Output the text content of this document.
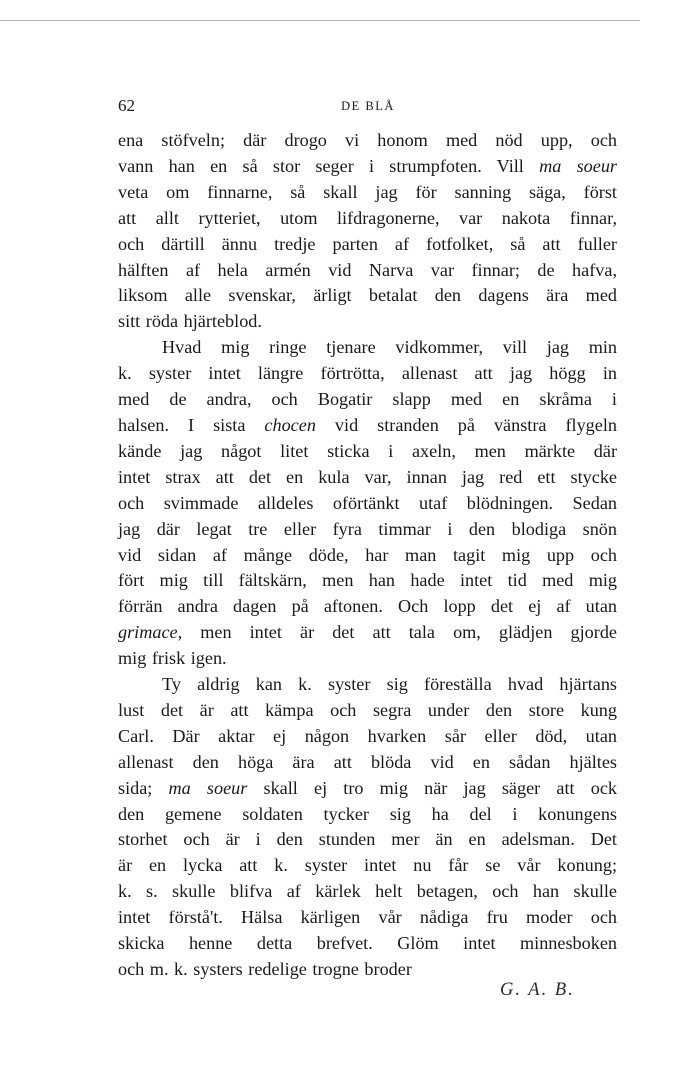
62	DE BLÅ
ena stöfveln; där drogo vi honom med nöd upp, och
vann han en så stor seger i strumpfoten. Vill ma soeur
veta om finnarne, så skall jag för sanning säga, först
att allt rytteriet, utom lifdragonerne, var nakota finnar,
och därtill ännu tredje parten af fotfolket, så att fuller
hälften af hela armén vid Narva var finnar; de hafva,
liksom alle svenskar, ärligt betalat den dagens ära med
sitt röda hjärteblod.
Hvad mig ringe tjenare vidkommer, vill jag min
k. syster intet längre förtrötta, allenast att jag högg in
med de andra, och Bogatir slapp med en skråma i
halsen. I sista chocen vid stranden på vänstra flygeln
kände jag något litet sticka i axeln, men märkte där
intet strax att det en kula var, innan jag red ett stycke
och svimmade alldeles oförtänkt utaf blödningen. Sedan
jag där legat tre eller fyra timmar i den blodiga snön
vid sidan af månge döde, har man tagit mig upp och
fört mig till fältskärn, men han hade intet tid med mig
förrän andra dagen på aftonen. Och lopp det ej af utan
grimace, men intet är det att tala om, glädjen gjorde
mig frisk igen.
Ty aldrig kan k. syster sig föreställa hvad hjärtans
lust det är att kämpa och segra under den store kung
Carl. Där aktar ej någon hvarken sår eller död, utan
allenast den höga ära att blöda vid en sådan hjältes
sida; ma soeur skall ej tro mig när jag säger att ock
den gemene soldaten tycker sig ha del i konungens
storhet och är i den stunden mer än en adelsman. Det
är en lycka att k. syster intet nu får se vår konung;
k. s. skulle blifva af kärlek helt betagen, och han skulle
intet förstå't. Hälsa kärligen vår nådiga fru moder och
skicka henne detta brefvet. Glöm intet minnesboken
och m. k. systers redelige trogne broder
G. A. B.
